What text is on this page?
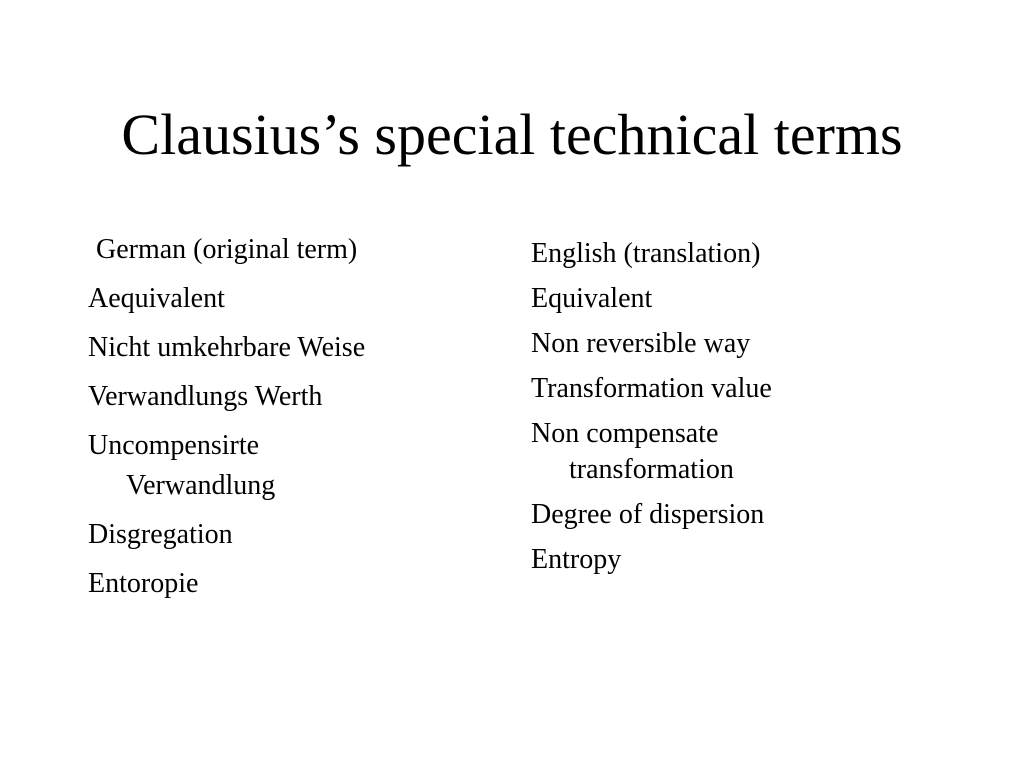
Clausius’s special technical terms
German (original term)
Aequivalent
Nicht umkehrbare Weise
Verwandlungs Werth
Uncompensirte Verwandlung
Disgregation
Entoropie
English (translation)
Equivalent
Non reversible way
Transformation value
Non compensate transformation
Degree of dispersion
Entropy
